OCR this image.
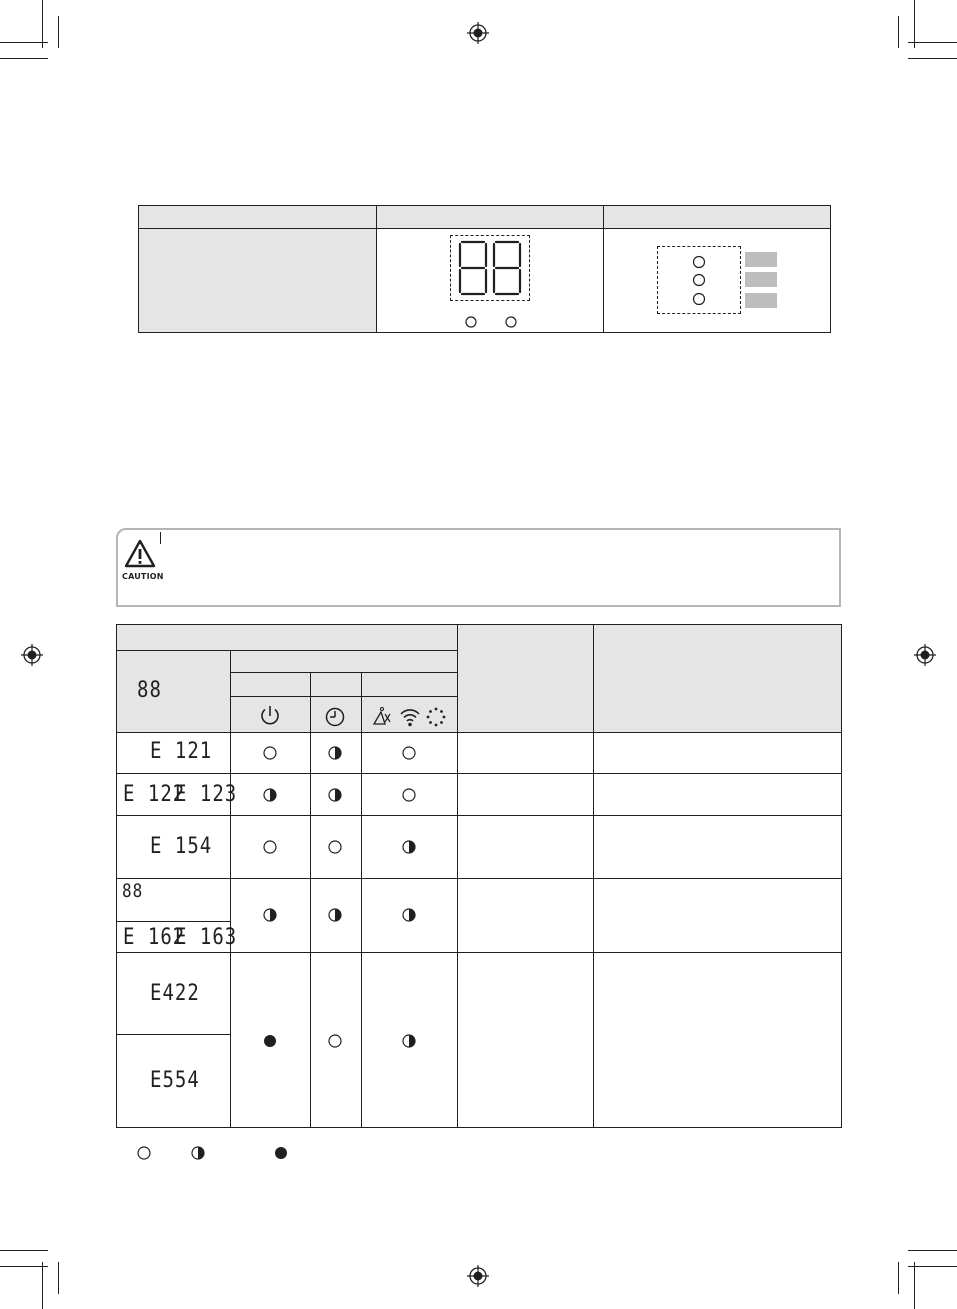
CAUTION
88
E 121
E 122
E 123
E 154
88
E 162
E 163
E422
E554
